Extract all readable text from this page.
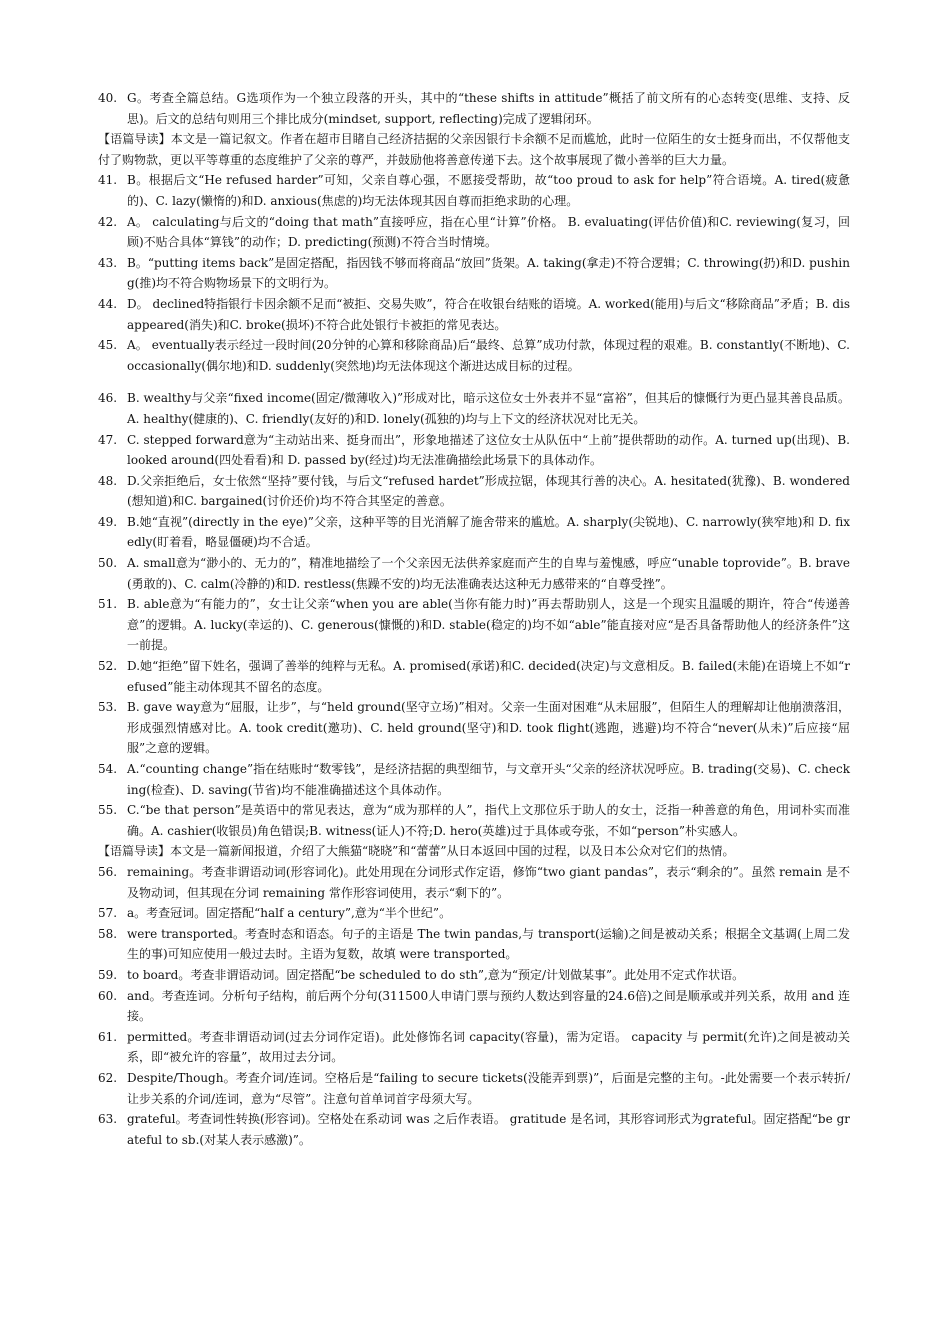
40. G。考查全篇总结。G选项作为一个独立段落的开头，其中的“these shifts in attitude”概括了前文所有的心态转变(思维、支持、反思)。后文的总结句则用三个排比成分(mindset, support, reflecting)完成了逻辑闭环。
【语篇导读】本文是一篇记叙文。作者在超市目睹自己经济拮据的父亲因银行卡余额不足而尴尬，此时一位陌生的女士挺身而出，不仅帮他支付了购物款，更以平等尊重的态度维护了父亲的尊严，并鼓励他将善意传递下去。这个故事展现了微小善举的巨大力量。
41. B。根据后文“He refused harder”可知，父亲自尊心强，不愿接受帮助，故“too proud to ask for help”符合语境。A. tired(疲惫的)、C. lazy(懒惰的)和D. anxious(焦虑的)均无法体现其因自尊而拒绝求助的心理。
42. A。 calculating与后文的“doing that math”直接呼应，指在心里“计算”价格。 B. evaluating(评估价值)和C. reviewing(复习，回顾)不贴合具体“算钱”的动作；D. predicting(预测)不符合当时情境。
43. B。“putting items back”是固定搭配，指因钱不够而将商品“放回”货架。A. taking(拿走)不符合逻辑；C. throwing(扔)和D. pushing(推)均不符合购物场景下的文明行为。
44. D。 declined特指银行卡因余额不足而“被拒、交易失败”，符合在收银台结账的语境。A. worked(能用)与后文“移除商品”矛盾；B. disappeared(消失)和C. broke(损坏)不符合此处银行卡被拒的常见表达。
45. A。 eventually表示经过一段时间(20分钟的心算和移除商品)后“最终、总算”成功付款，体现过程的艰难。B. constantly(不断地)、C. occasionally(偶尔地)和D. suddenly(突然地)均无法体现这个渐进达成目标的过程。
46. B. wealthy与父亲“fixed income(固定/微薄收入)”形成对比，暗示这位女士外表并不显“富裕”，但其后的慷慨行为更凸显其善良品质。A. healthy(健康的)、C. friendly(友好的)和D. lonely(孤独的)均与上下文的经济状况对比无关。
47. C. stepped forward意为“主动站出来、挺身而出”，形象地描述了这位女士从队伍中“上前”提供帮助的动作。A. turned up(出现)、B. looked around(四处看看)和 D. passed by(经过)均无法准确描绘此场景下的具体动作。
48. D.父亲拒绝后，女士依然“坚持”要付钱，与后文“refused hardet”形成拉锯，体现其行善的决心。A. hesitated(犹豫)、B. wondered(想知道)和C. bargained(讨价还价)均不符合其坚定的善意。
49. B.她“直视”(directly in the eye)”父亲，这种平等的目光消解了施舍带来的尴尬。A. sharply(尖锐地)、C. narrowly(狭窄地)和 D. fixedly(盯着看，略显僵硬)均不合适。
50. A. small意为“渺小的、无力的”，精准地描绘了一个父亲因无法供养家庭而产生的自卑与羞愧感，呼应“unable toprovide”。B. brave(勇敢的)、C. calm(冷静的)和D. restless(焦躁不安的)均无法准确表达这种无力感带来的“自尊受挫”。
51. B. able意为“有能力的”，女士让父亲“when you are able(当你有能力时)”再去帮助别人，这是一个现实且温暖的期许，符合“传递善意”的逻辑。A. lucky(幸运的)、C. generous(慷慨的)和D. stable(稳定的)均不如“able”能直接对应“是否具备帮助他人的经济条件”这一前提。
52. D.她“拒绝”留下姓名，强调了善举的纯粹与无私。A. promised(承诺)和C. decided(决定)与文意相反。B. failed(未能)在语境上不如“refused”能主动体现其不留名的态度。
53. B. gave way意为“屈服，让步”，与“held ground(坚守立场)”相对。父亲一生面对困难“从未屈服”，但陌生人的理解却让他崩溃落泪，形成强烈情感对比。A. took credit(邀功)、C. held ground(坚守)和D. took flight(逃跑，逃避)均不符合“never(从未)”后应接“屈服”之意的逻辑。
54. A.“counting change”指在结账时“数零钱”，是经济拮据的典型细节，与文章开头“父亲的经济状况呼应。B. trading(交易)、C. checking(检查)、D. saving(节省)均不能准确描述这个具体动作。
55. C.“be that person”是英语中的常见表达，意为“成为那样的人”，指代上文那位乐于助人的女士，泛指一种善意的角色，用词朴实而准确。A. cashier(收银员)角色错误;B. witness(证人)不符;D. hero(英雄)过于具体或夸张，不如“person”朴实感人。
【语篇导读】本文是一篇新闻报道，介绍了大熊猫“晓晓”和“蕾蕾”从日本返回中国的过程，以及日本公众对它们的热情。
56. remaining。考查非谓语动词(形容词化)。此处用现在分词形式作定语，修饰“two giant pandas”，表示“剩余的”。虽然 remain 是不及物动词，但其现在分词 remaining 常作形容词使用，表示“剩下的”。
57. a。考查冠词。固定搭配“half a century”,意为“半个世纪”。
58. were transported。考查时态和语态。句子的主语是 The twin pandas,与 transport(运输)之间是被动关系；根据全文基调(上周二发生的事)可知应使用一般过去时。主语为复数，故填 were transported。
59. to board。考查非谓语动词。固定搭配“be scheduled to do sth”,意为“预定/计划做某事”。此处用不定式作状语。
60. and。考查连词。分析句子结构，前后两个分句(311500人申请门票与预约人数达到容量的24.6倍)之间是顺承或并列关系，故用 and 连接。
61. permitted。考查非谓语动词(过去分词作定语)。此处修饰名词 capacity(容量)，需为定语。 capacity 与 permit(允许)之间是被动关系，即“被允许的容量”，故用过去分词。
62. Despite/Though。考查介词/连词。空格后是“failing to secure tickets(没能弄到票)”，后面是完整的主句。-此处需要一个表示转折/让步关系的介词/连词，意为“尽管”。注意句首单词首字母须大写。
63. grateful。考查词性转换(形容词)。空格处在系动词 was 之后作表语。 gratitude 是名词，其形容词形式为grateful。固定搭配“be grateful to sb.(对某人表示感激)”。
